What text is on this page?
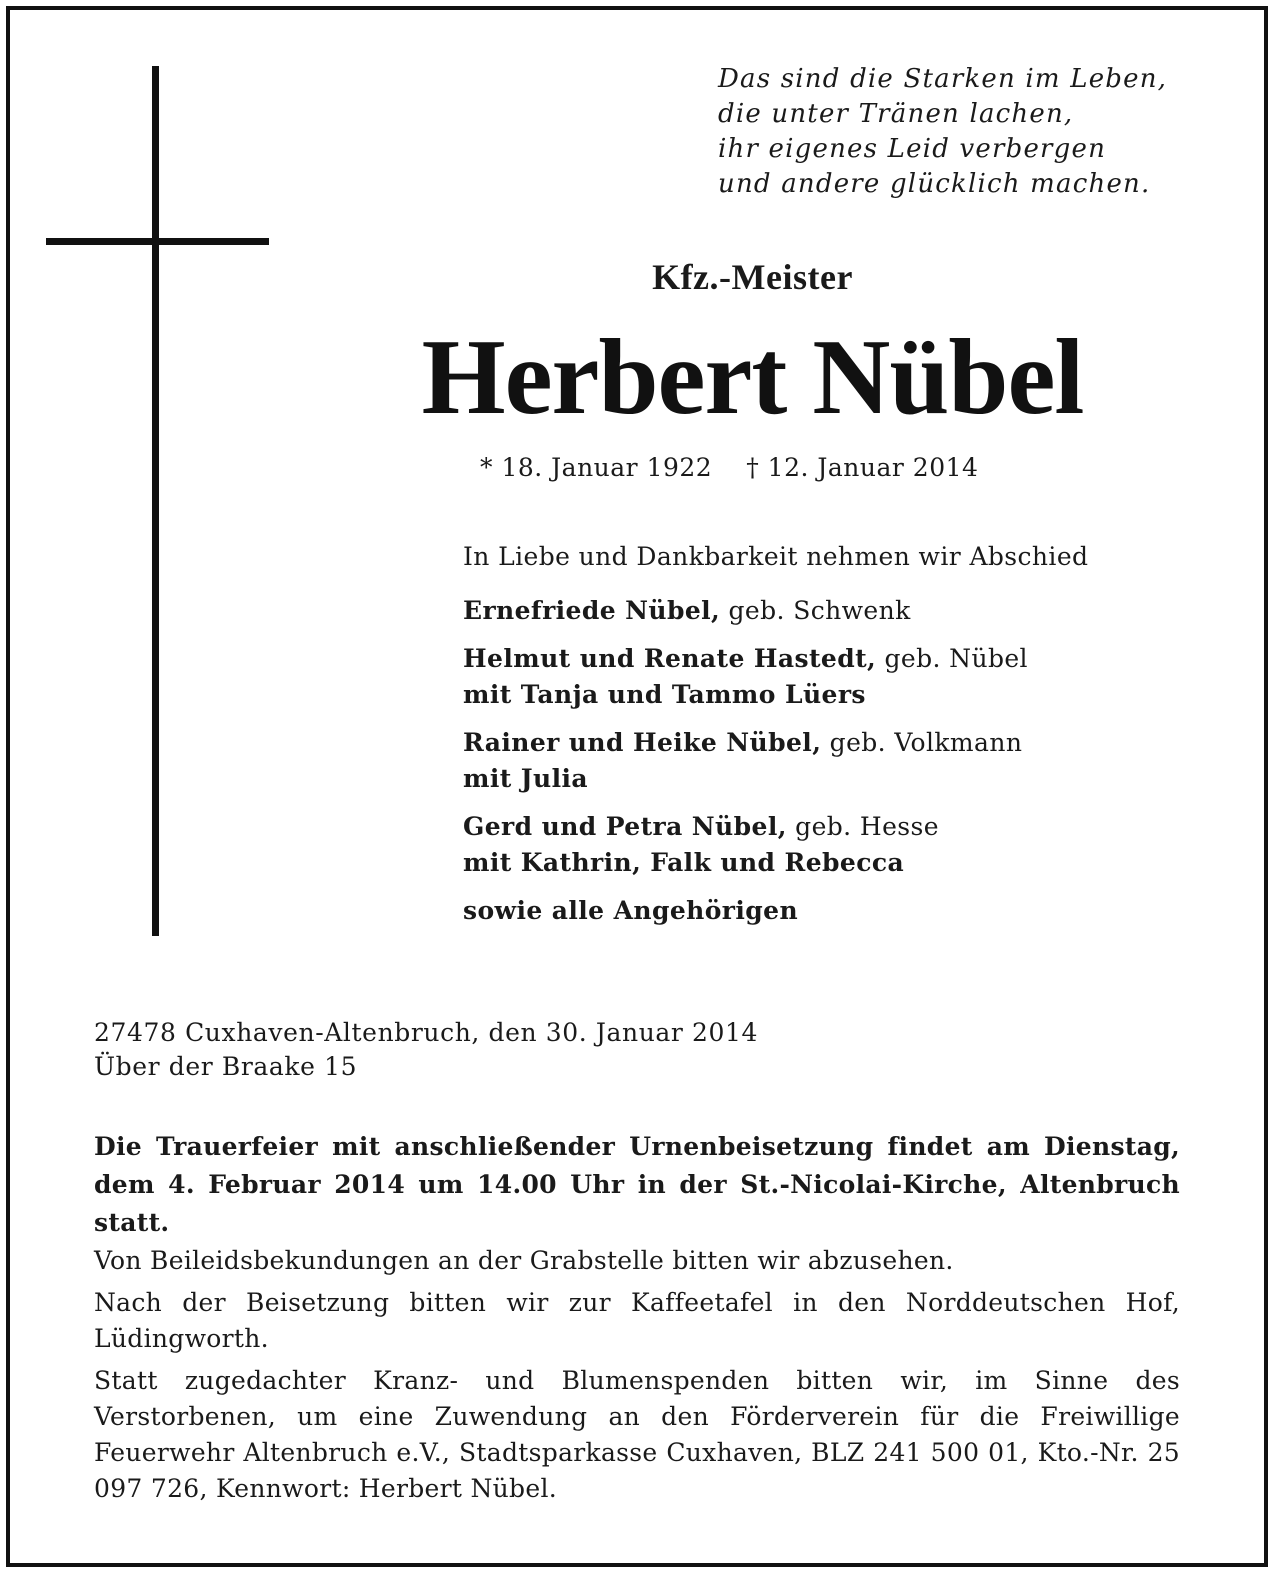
Das sind die Starken im Leben,
die unter Tränen lachen,
ihr eigenes Leid verbergen
und andere glücklich machen.
Kfz.-Meister
Herbert Nübel
* 18. Januar 1922 † 12. Januar 2014
In Liebe und Dankbarkeit nehmen wir Abschied
Ernefriede Nübel, geb. Schwenk
Helmut und Renate Hastedt, geb. Nübel
mit Tanja und Tammo Lüers
Rainer und Heike Nübel, geb. Volkmann
mit Julia
Gerd und Petra Nübel, geb. Hesse
mit Kathrin, Falk und Rebecca
sowie alle Angehörigen
27478 Cuxhaven-Altenbruch, den 30. Januar 2014
Über der Braake 15
Die Trauerfeier mit anschließender Urnenbeisetzung findet am Dienstag, dem 4. Februar 2014 um 14.00 Uhr in der St.-Nicolai-Kirche, Altenbruch statt.

Von Beileidsbekundungen an der Grabstelle bitten wir abzusehen.

Nach der Beisetzung bitten wir zur Kaffeetafel in den Norddeutschen Hof, Lüdingworth.

Statt zugedachter Kranz- und Blumenspenden bitten wir, im Sinne des Verstorbenen, um eine Zuwendung an den Förderverein für die Freiwillige Feuerwehr Altenbruch e.V., Stadtsparkasse Cuxhaven, BLZ 241 500 01, Kto.-Nr. 25 097 726, Kennwort: Herbert Nübel.
